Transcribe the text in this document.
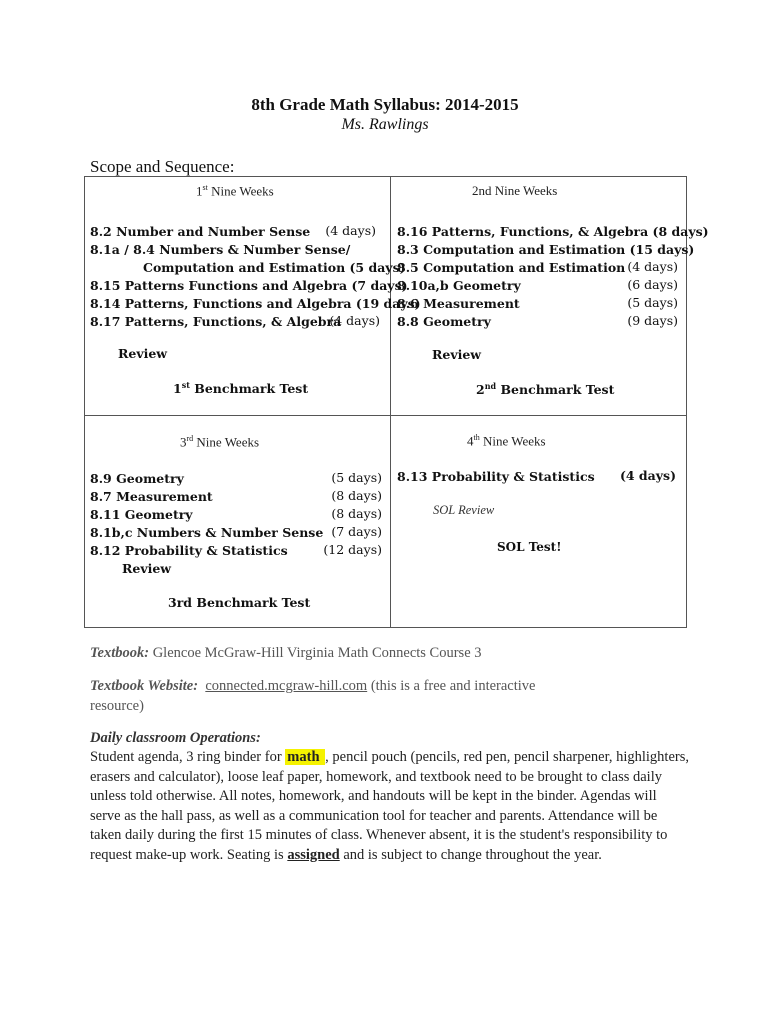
8th Grade Math Syllabus: 2014-2015
Ms. Rawlings
Scope and Sequence:
1st Nine Weeks
8.2 Number and Number Sense	(4 days)
8.1a / 8.4 Numbers & Number Sense/
Computation and Estimation (5 days)
8.15 Patterns Functions and Algebra (7 days)
8.14 Patterns, Functions and Algebra (19 days)
8.17 Patterns, Functions, & Algebra
(4 days)
Review
1st Benchmark Test
2nd Nine Weeks
8.16 Patterns, Functions, & Algebra (8 days)
8.3 Computation and Estimation (15 days)
8.5 Computation and Estimation (4 days)
8.10a,b Geometry	(6 days)
8.6 Measurement	(5 days)
8.8 Geometry	(9 days)
Review
2nd Benchmark Test
3rd Nine Weeks
8.9 Geometry	(5 days)
8.7 Measurement	(8 days)
8.11 Geometry	(8 days)
8.1b,c Numbers & Number Sense (7 days)
8.12 Probability & Statistics	(12 days)
Review
3rd Benchmark Test
4th Nine Weeks
8.13 Probability & Statistics	(4 days)
SOL Review
SOL Test!
Textbook: Glencoe McGraw-Hill Virginia Math Connects Course 3
Textbook Website: connected.mcgraw-hill.com (this is a free and interactive
resource)
Daily classroom Operations:
Student agenda, 3 ring binder for math , pencil pouch (pencils, red pen, pencil sharpener, highlighters, erasers and calculator), loose leaf paper, homework, and textbook need to be brought to class daily unless told otherwise. All notes, homework, and handouts will be kept in the binder. Agendas will serve as the hall pass, as well as a communication tool for teacher and parents. Attendance will be taken daily during the first 15 minutes of class. Whenever absent, it is the student's responsibility to request make-up work. Seating is assigned and is subject to change throughout the year.
